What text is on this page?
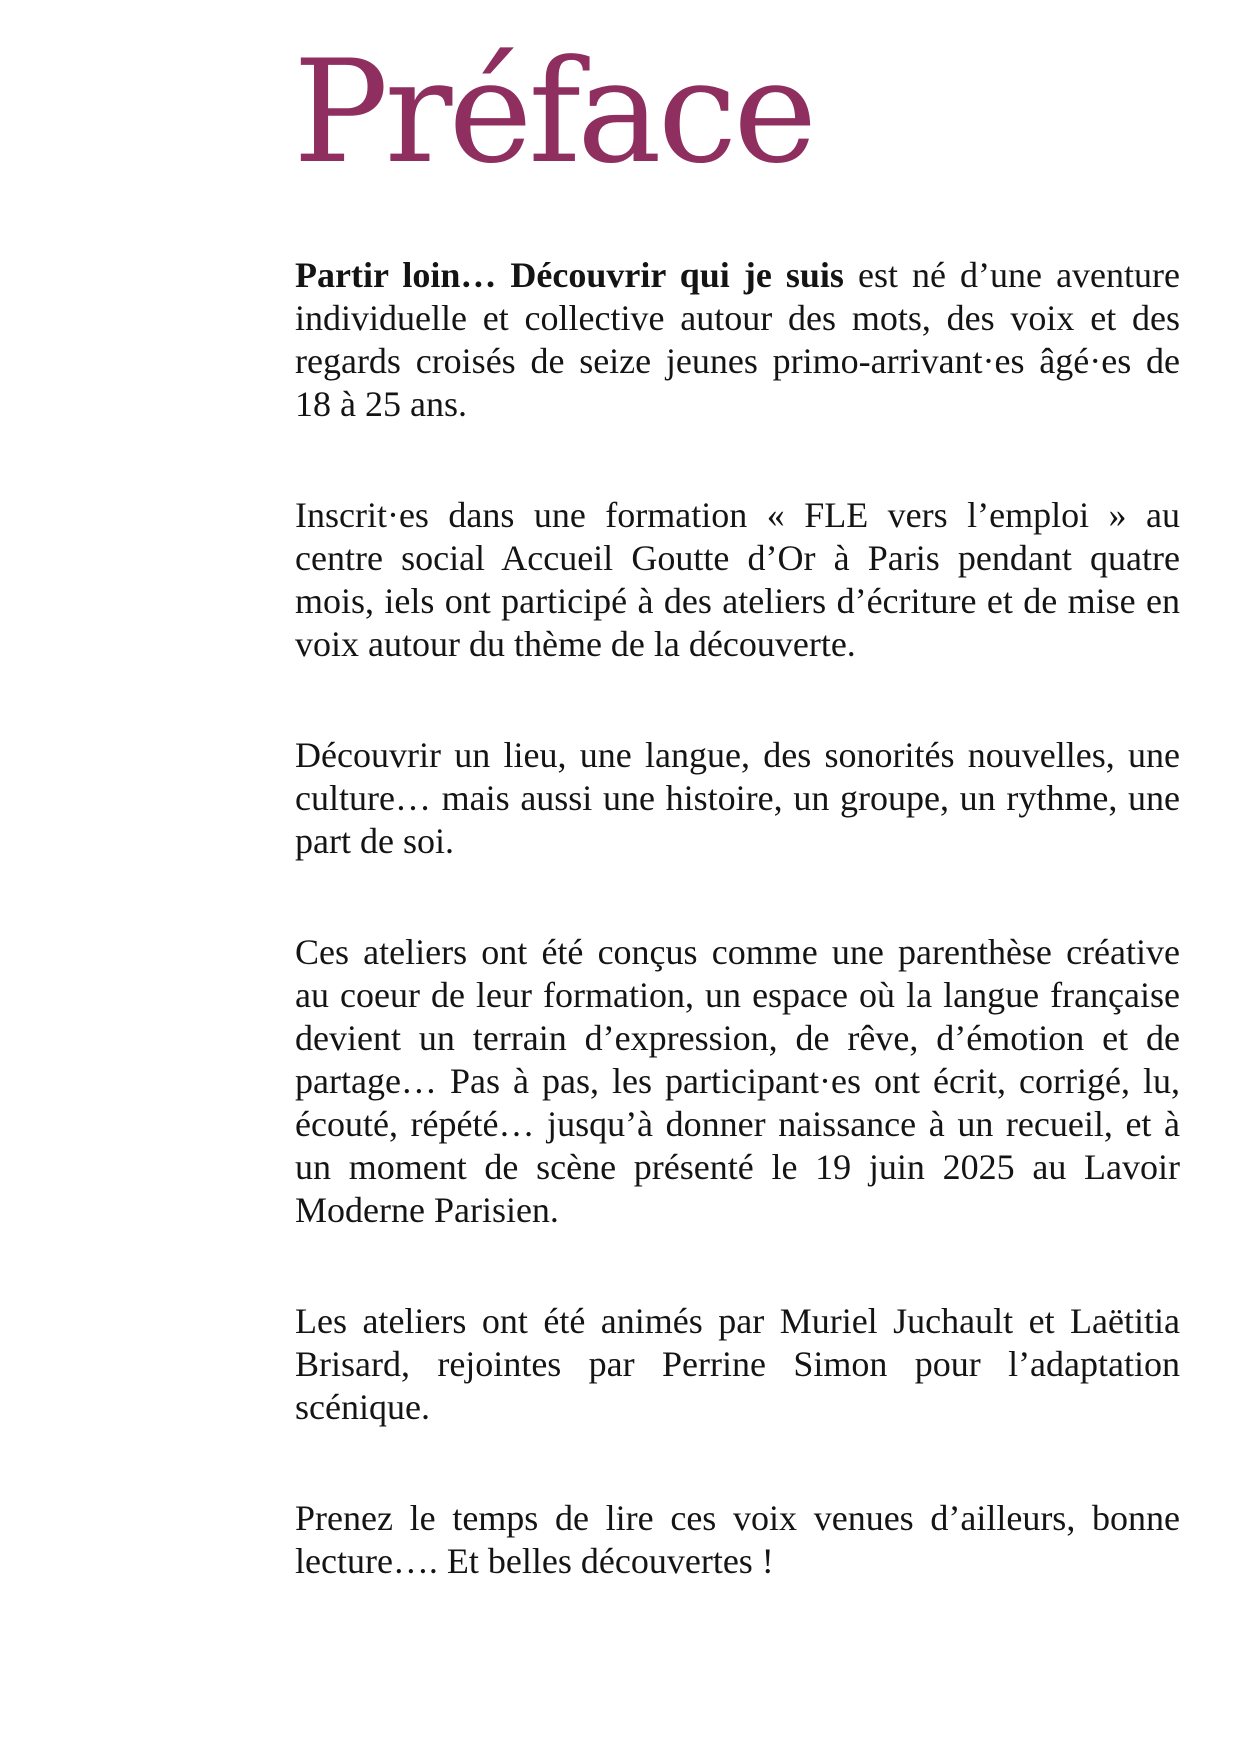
Préface

Partir loin… Découvrir qui je suis est né d’une aventure individuelle et collective autour des mots, des voix et des regards croisés de seize jeunes primo-arrivant·es âgé·es de 18 à 25 ans.

Inscrit·es dans une formation « FLE vers l’emploi » au centre social Accueil Goutte d’Or à Paris pendant quatre mois, iels ont participé à des ateliers d’écriture et de mise en voix autour du thème de la découverte.

Découvrir un lieu, une langue, des sonorités nouvelles, une culture… mais aussi une histoire, un groupe, un rythme, une part de soi.

Ces ateliers ont été conçus comme une parenthèse créative au coeur de leur formation, un espace où la langue française devient un terrain d’expression, de rêve, d’émotion et de partage… Pas à pas, les participant·es ont écrit, corrigé, lu, écouté, répété… jusqu’à donner naissance à un recueil, et à un moment de scène présenté le 19 juin 2025 au Lavoir Moderne Parisien.

Les ateliers ont été animés par Muriel Juchault et Laëtitia Brisard, rejointes par Perrine Simon pour l’adaptation scénique.

Prenez le temps de lire ces voix venues d’ailleurs, bonne lecture…. Et belles découvertes !
